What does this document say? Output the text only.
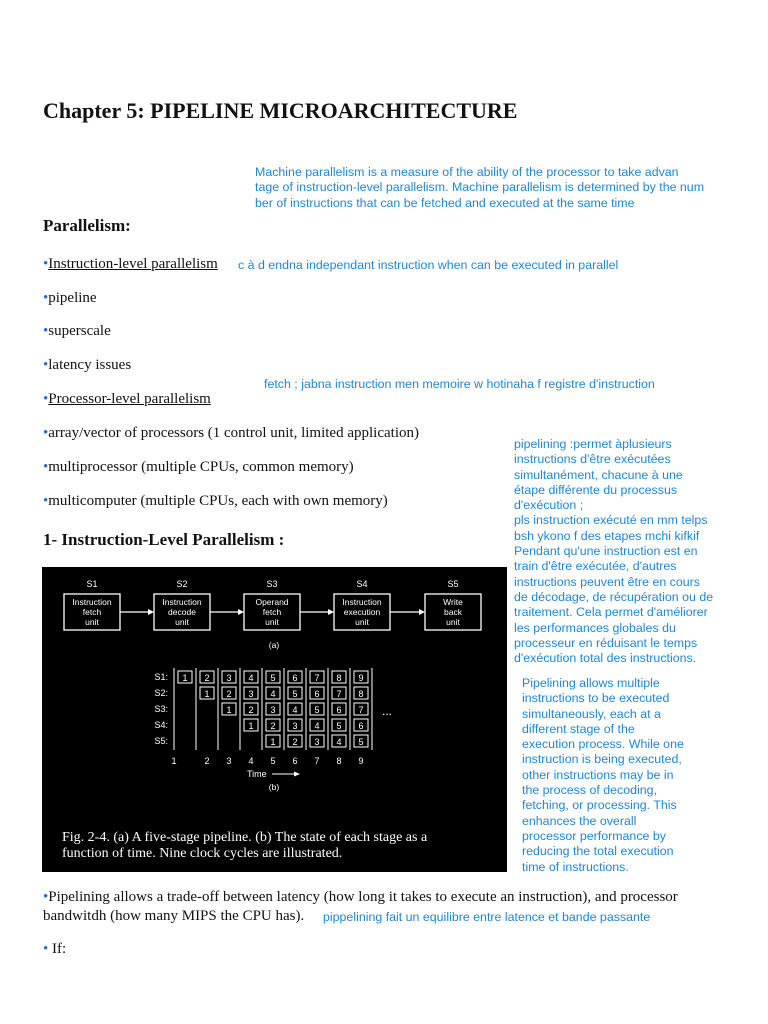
Chapter 5: PIPELINE MICROARCHITECTURE
Machine parallelism is a measure of the ability of the processor to take advan
tage of instruction-level parallelism. Machine parallelism is determined by the num
ber of instructions that can be fetched and executed at the same time
Parallelism:
•Instruction-level parallelism c à d endna independant instruction when can be executed in parallel
•pipeline
•superscale
•latency issues
fetch ; jabna instruction men memoire w hotinaha f registre d'instruction
•Processor-level parallelism
•array/vector of processors (1 control unit, limited application)
•multiprocessor (multiple CPUs, common memory)
•multicomputer (multiple CPUs, each with own memory)
pipelining :permet àplusieurs
instructions d'être exécutées
simultanément, chacune à une
étape différente du processus
d'exécution ;
pls instruction exécuté en mm telps
bsh ykono f des etapes mchi kifkif
Pendant qu'une instruction est en
train d'être exécutée, d'autres
instructions peuvent être en cours
de décodage, de récupération ou de
traitement. Cela permet d'améliorer
les performances globales du
processeur en réduisant le temps
d'exécution total des instructions.
Pipelining allows multiple
instructions to be executed
simultaneously, each at a
different stage of the
execution process. While one
instruction is being executed,
other instructions may be in
the process of decoding,
fetching, or processing. This
enhances the overall
processor performance by
reducing the total execution
time of instructions.
1- Instruction-Level Parallelism :
S1
Instruction
fetch
unit
S2
Instruction
decode
unit
S3
Operand
fetch
unit
S4
Instruction
execution
unit
S5
Write
back
unit
(a)
S1:
S2:
S3:
S4:
S5:
1 2 3 4 5 6 7 8 9
1 2 3 4 5 6 7 8
1 2 3 4 5 6 7
1 2 3 4 5 6
1 2 3 4 5
...
1	2 3 4 5 6 7 8 9
Time
(b)
Fig. 2-4. (a) A five-stage pipeline. (b) The state of each stage as a
function of time. Nine clock cycles are illustrated.
•Pipelining allows a trade-off between latency (how long it takes to execute an instruction), and processor
bandwitdh (how many MIPS the CPU has). pippelining fait un equilibre entre latence et bande passante
• If:
